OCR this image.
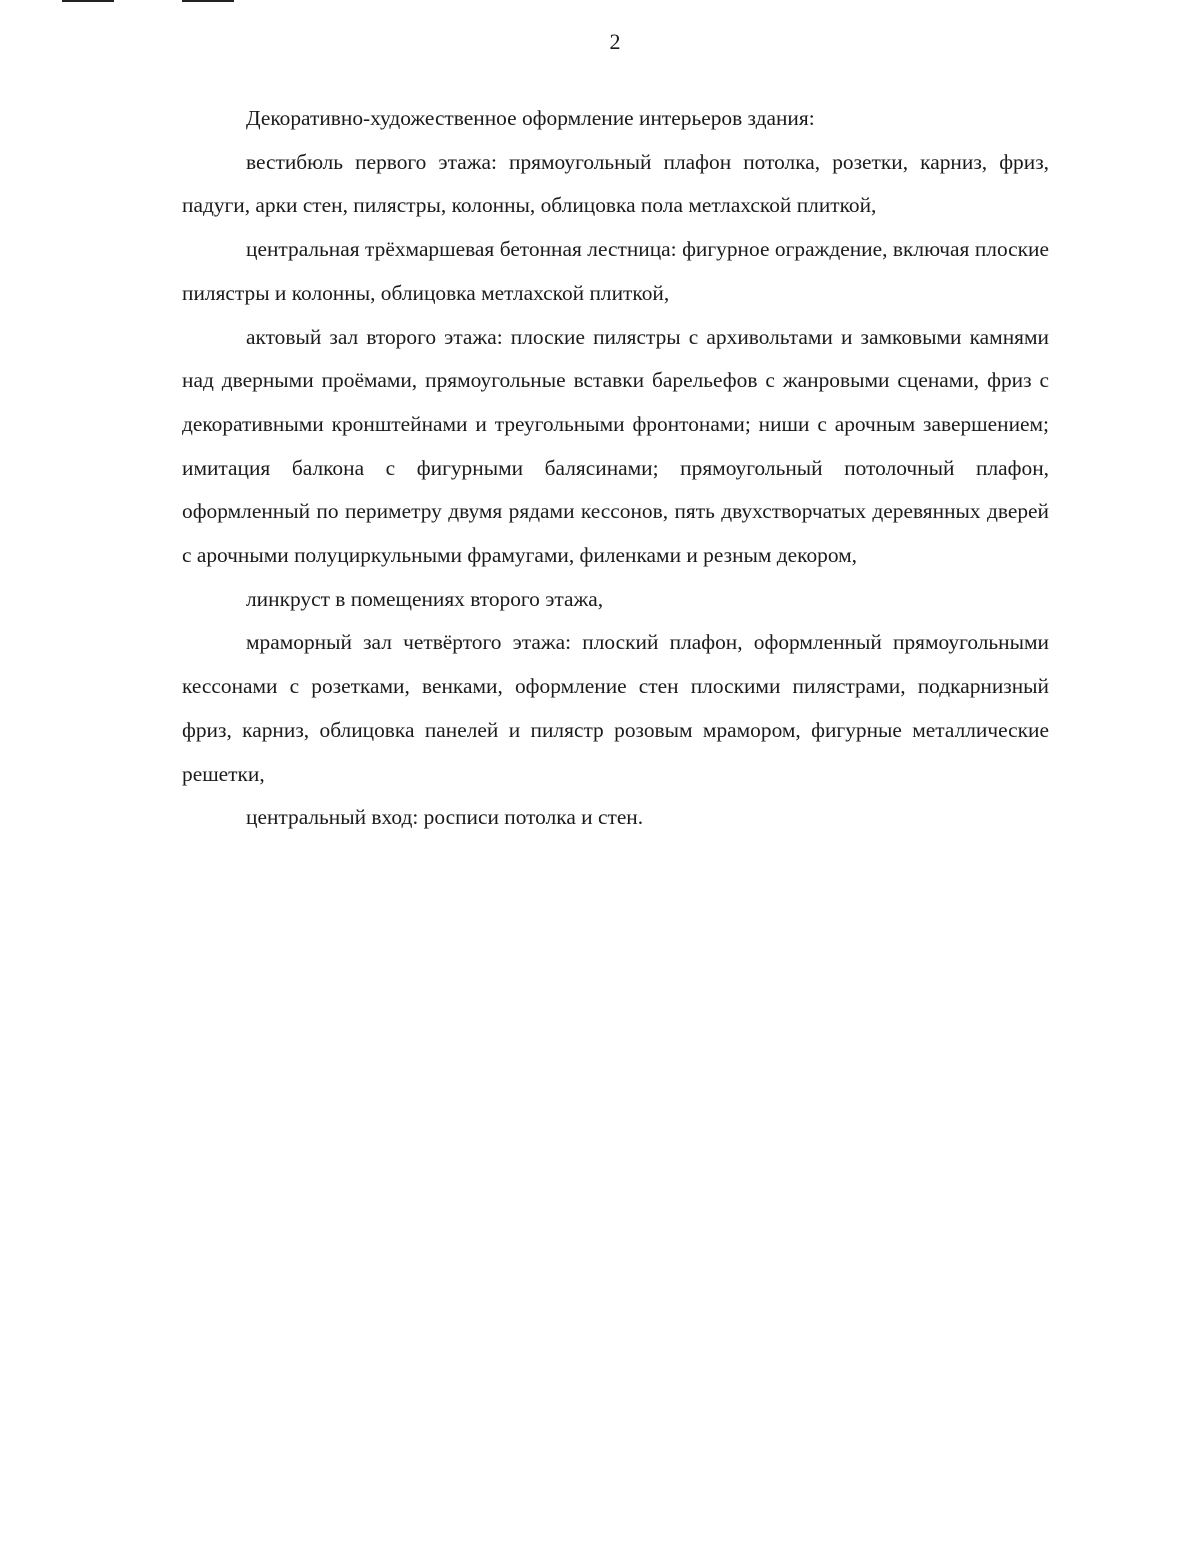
2

Декоративно-художественное оформление интерьеров здания:

вестибюль первого этажа: прямоугольный плафон потолка, розетки, карниз, фриз, падуги, арки стен, пилястры, колонны, облицовка пола метлахской плиткой,

центральная трёхмаршевая бетонная лестница: фигурное ограждение, включая плоские пилястры и колонны, облицовка метлахской плиткой,

актовый зал второго этажа: плоские пилястры с архивольтами и замковыми камнями над дверными проёмами, прямоугольные вставки барельефов с жанровыми сценами, фриз с декоративными кронштейнами и треугольными фронтонами; ниши с арочным завершением; имитация балкона с фигурными балясинами; прямоугольный потолочный плафон, оформленный по периметру двумя рядами кессонов, пять двухстворчатых деревянных дверей с арочными полуциркульными фрамугами, филенками и резным декором,

линкруст в помещениях второго этажа,

мраморный зал четвёртого этажа: плоский плафон, оформленный прямоугольными кессонами с розетками, венками, оформление стен плоскими пилястрами, подкарнизный фриз, карниз, облицовка панелей и пилястр розовым мрамором, фигурные металлические решетки,

центральный вход: росписи потолка и стен.
